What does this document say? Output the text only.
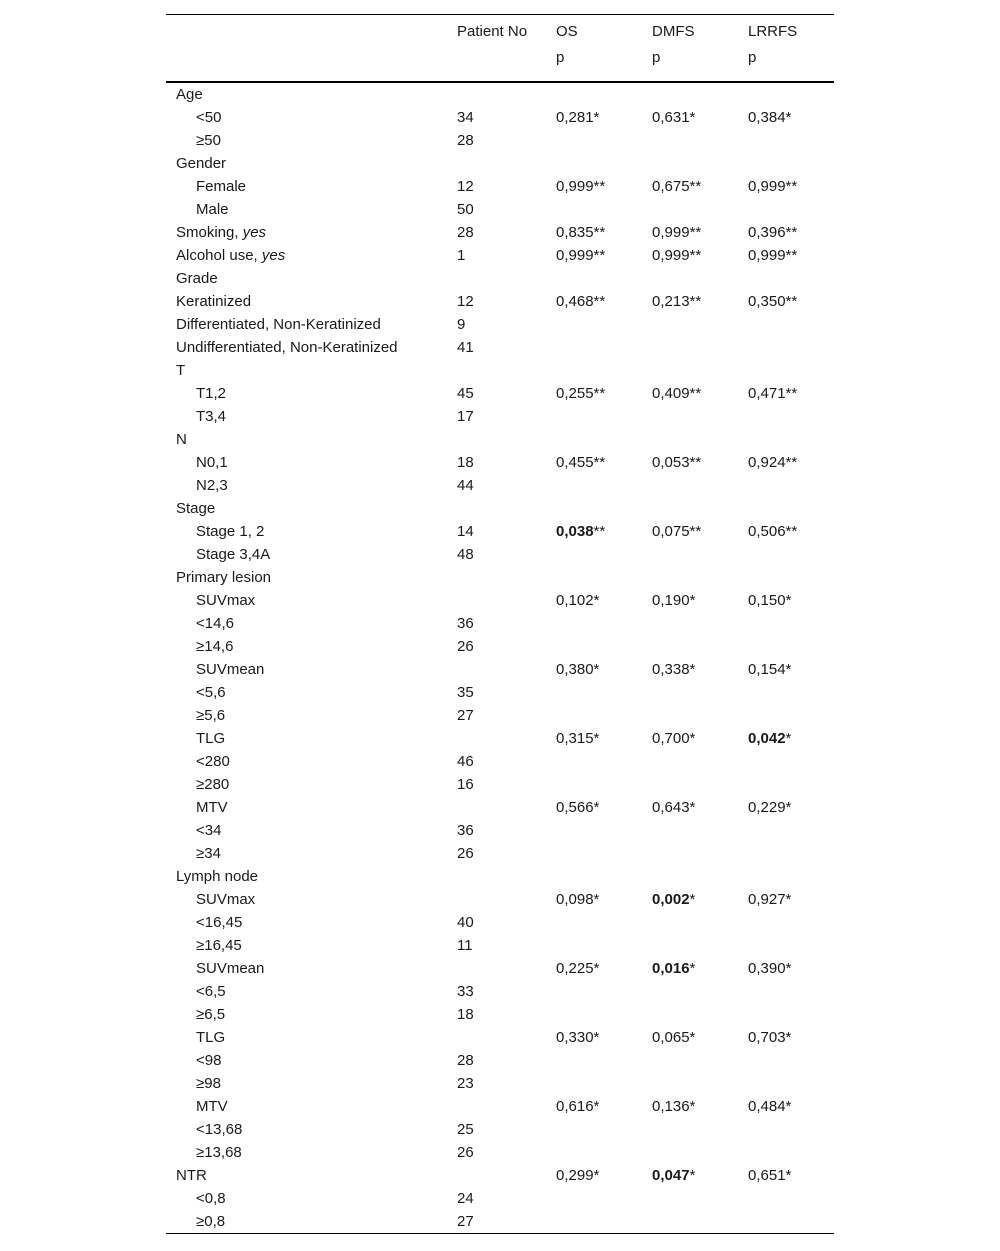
	Patient No	OS	DMFS	LRRFS
		p	p	p
Age				
<50	34	0,281*	0,631*	0,384*
≥50	28			
Gender				
Female	12	0,999**	0,675**	0,999**
Male	50			
Smoking, yes	28	0,835**	0,999**	0,396**
Alcohol use, yes	1	0,999**	0,999**	0,999**
Grade				
Keratinized	12	0,468**	0,213**	0,350**
Differentiated, Non-Keratinized	9			
Undifferentiated, Non-Keratinized	41			
T				
T1,2	45	0,255**	0,409**	0,471**
T3,4	17			
N				
N0,1	18	0,455**	0,053**	0,924**
N2,3	44			
Stage				
Stage 1, 2	14	0,038**	0,075**	0,506**
Stage 3,4A	48			
Primary lesion				
SUVmax		0,102*	0,190*	0,150*
<14,6	36			
≥14,6	26			
SUVmean		0,380*	0,338*	0,154*
<5,6	35			
≥5,6	27			
TLG		0,315*	0,700*	0,042*
<280	46			
≥280	16			
MTV		0,566*	0,643*	0,229*
<34	36			
≥34	26			
Lymph node				
SUVmax		0,098*	0,002*	0,927*
<16,45	40			
≥16,45	11			
SUVmean		0,225*	0,016*	0,390*
<6,5	33			
≥6,5	18			
TLG		0,330*	0,065*	0,703*
<98	28			
≥98	23			
MTV		0,616*	0,136*	0,484*
<13,68	25			
≥13,68	26			
NTR		0,299*	0,047*	0,651*
<0,8	24			
≥0,8	27			
